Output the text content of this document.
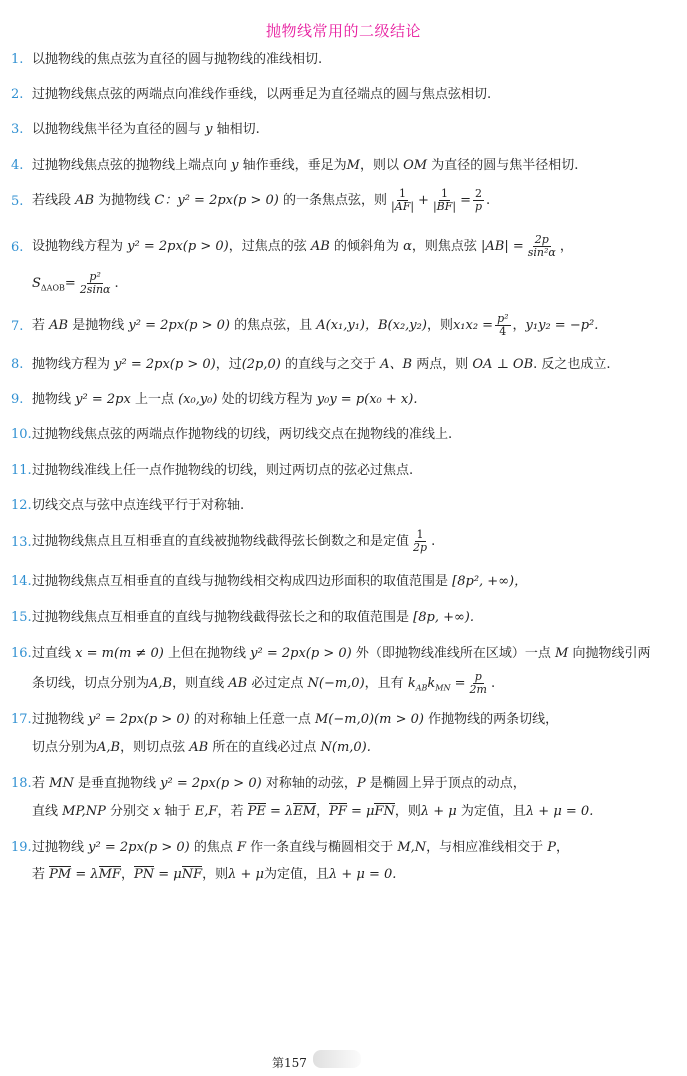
抛物线常用的二级结论
1. 以抛物线的焦点弦为直径的圆与抛物线的准线相切.
2. 过抛物线焦点弦的两端点向准线作垂线，以两垂足为直径端点的圆与焦点弦相切.
3. 以抛物线焦半径为直径的圆与 y 轴相切.
4. 过抛物线焦点弦的抛物线上端点向 y 轴作垂线，垂足为M，则以 OM 为直径的圆与焦半径相切.
5. 若线段 AB 为抛物线 C：y² = 2px(p > 0) 的一条焦点弦，则 $\frac{1}{|AF|} + \frac{1}{|BF|} = \frac{2}{p}$ .
6. 设抛物线方程为 y² = 2px(p > 0)，过焦点的弦 AB 的倾斜角为 α，则焦点弦 $|AB| = \frac{2p}{\text{sin²α}}$ ，
$S_{\Delta AOB}= \frac{\text{p²}}{2\sin\alpha}$ .
7. 若 AB 是抛物线 y² = 2px(p > 0) 的焦点弦，且 A(x₁,y₁)，B(x₂,y₂)，则$x_1x_2 = \frac{\text{p²}}{4}$ ，y₁y₂ = −p².
8. 抛物线方程为 y² = 2px(p > 0)，过(2p,0) 的直线与之交于 A、B 两点，则 OA ⊥ OB. 反之也成立.
9. 抛物线 y² = 2px 上一点 (x₀,y₀) 处的切线方程为 y₀y = p(x₀ + x).
10. 过抛物线焦点弦的两端点作抛物线的切线，两切线交点在抛物线的准线上.
11. 过抛物线准线上任一点作抛物线的切线，则过两切点的弦必过焦点.
12. 切线交点与弦中点连线平行于对称轴.
13. 过抛物线焦点且互相垂直的直线被抛物线截得弦长倒数之和是定值 $\frac{1}{2p}$ .
14. 过抛物线焦点互相垂直的直线与抛物线相交构成四边形面积的取值范围是 [8p², +∞)，
15. 过抛物线焦点互相垂直的直线与抛物线截得弦长之和的取值范围是 [8p, +∞).
16. 过直线 x = m(m ≠ 0) 上但在抛物线 y² = 2px(p > 0) 外（即抛物线准线所在区域）一点 M 向抛物线引两
条切线，切点分别为A,B，则直线 AB 必过定点 N(−m,0)，且有 $k_{AB}k_{MN} = \frac{p}{2m}$ .
17. 过抛物线 y² = 2px(p > 0) 的对称轴上任意一点 M(−m,0)(m > 0) 作抛物线的两条切线，
切点分别为A,B，则切点弦 AB 所在的直线必过点 N(m,0).
18. 若 MN 是垂直抛物线 y² = 2px(p > 0) 对称轴的动弦，P 是椭圆上异于顶点的动点，
直线 MP,NP 分别交 x 轴于 E,F，若 PE = λEM，PF = μFN，则λ + μ 为定值，且λ + μ = 0.
19. 过抛物线 y² = 2px(p > 0) 的焦点 F 作一条直线与椭圆相交于 M,N，与相应准线相交于 P，
若 PM = λMF，PN = μNF，则λ + μ为定值，且λ + μ = 0.
第157
